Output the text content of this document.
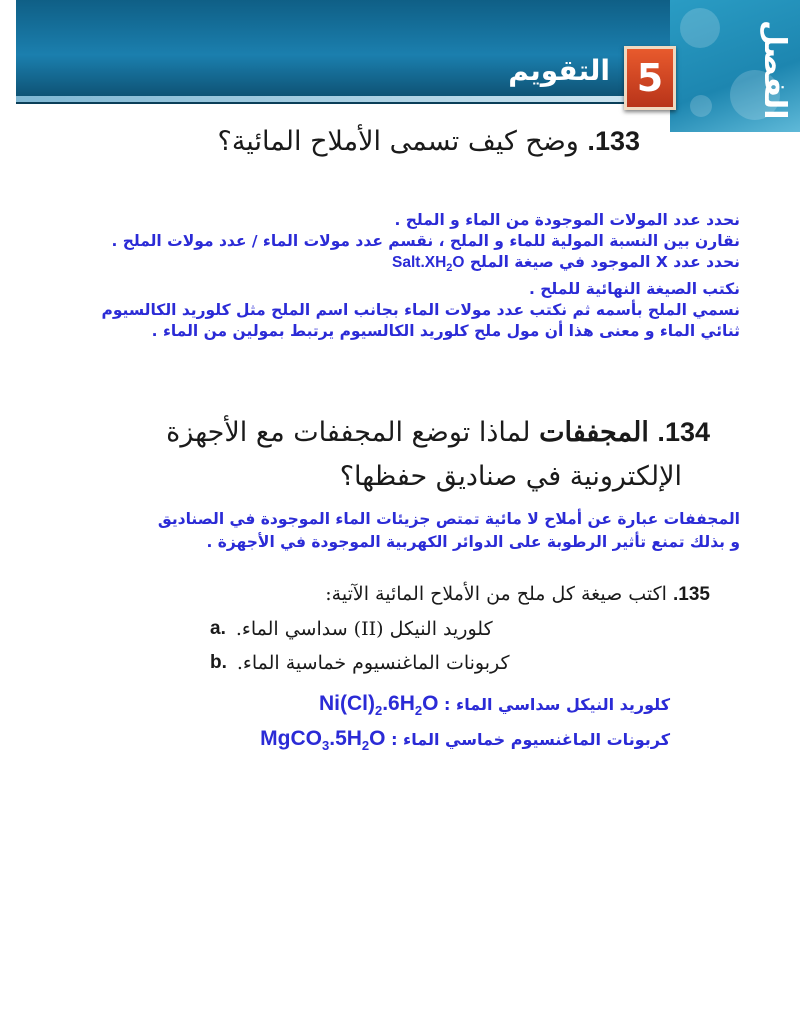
الفصل
5
التقويم
133. وضح كيف تسمى الأملاح المائية؟
نحدد عدد المولات الموجودة من الماء و الملح .
نقارن بين النسبة المولية للماء و الملح ، نقسم عدد مولات الماء / عدد مولات الملح .
نحدد عدد X الموجود في صيغة الملح $Salt.XH_2O$
نكتب الصيغة النهائية للملح .
نسمي الملح بأسمه ثم نكتب عدد مولات الماء بجانب اسم الملح مثل كلوريد الكالسيوم
ثنائي الماء و معنى هذا أن مول ملح كلوريد الكالسيوم يرتبط بمولين من الماء .
134. المجففات لماذا توضع المجففات مع الأجهزة
الإلكترونية في صناديق حفظها؟
المجففات عبارة عن أملاح لا مائية تمتص جزيئات الماء الموجودة في الصناديق
و بذلك تمنع تأثير الرطوبة على الدوائر الكهربية الموجودة في الأجهزة .
135. اكتب صيغة كل ملح من الأملاح المائية الآتية:
a. كلوريد النيكل (II) سداسي الماء.
b. كربونات الماغنسيوم خماسية الماء.
كلوريد النيكل سداسي الماء : $Ni(Cl)_2.6H_2O$
كربونات الماغنسيوم خماسي الماء : $MgCO_3.5H_2O$
